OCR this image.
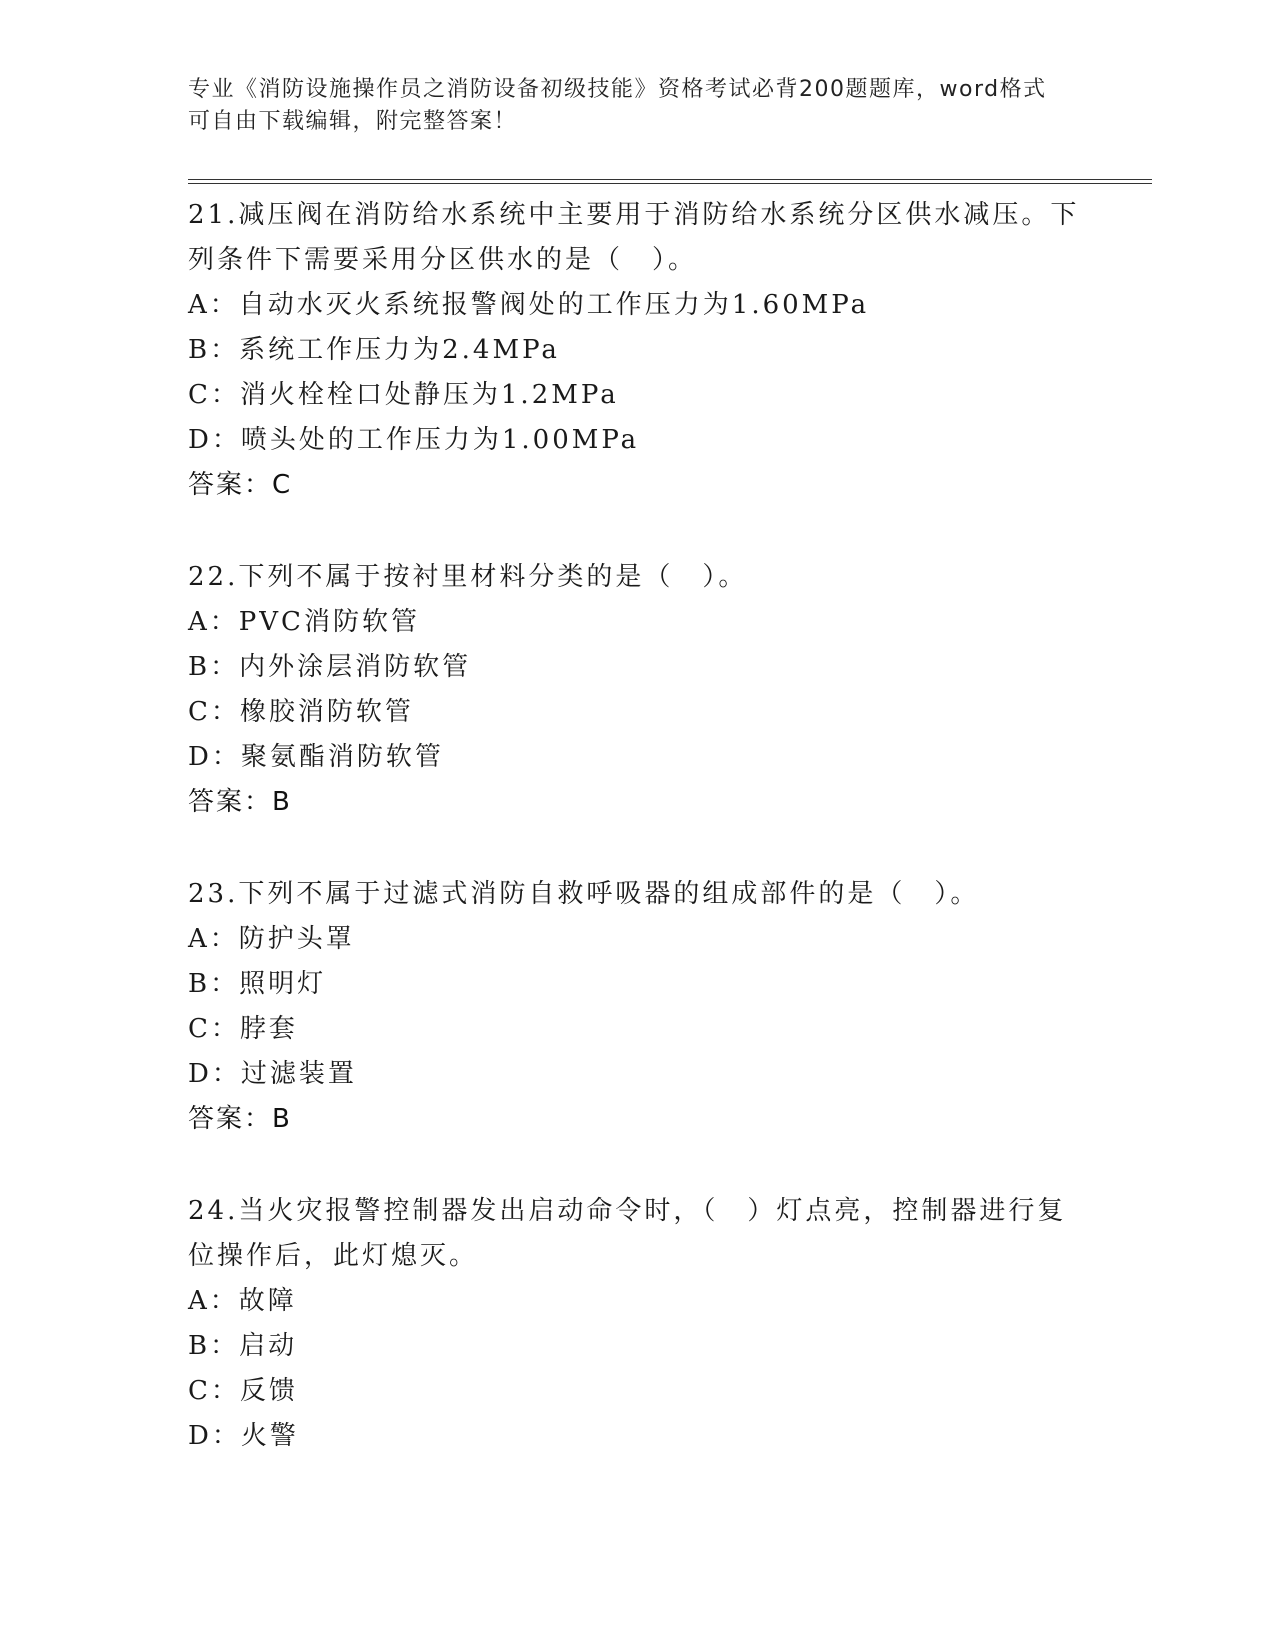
专业《消防设施操作员之消防设备初级技能》资格考试必背200题题库，word格式可自由下载编辑，附完整答案！
21.减压阀在消防给水系统中主要用于消防给水系统分区供水减压。下列条件下需要采用分区供水的是（　）。
A：自动水灭火系统报警阀处的工作压力为1.60MPa
B：系统工作压力为2.4MPa
C：消火栓栓口处静压为1.2MPa
D：喷头处的工作压力为1.00MPa
答案：C
22.下列不属于按衬里材料分类的是（　）。
A：PVC消防软管
B：内外涂层消防软管
C：橡胶消防软管
D：聚氨酯消防软管
答案：B
23.下列不属于过滤式消防自救呼吸器的组成部件的是（　）。
A：防护头罩
B：照明灯
C：脖套
D：过滤装置
答案：B
24.当火灾报警控制器发出启动命令时，（　）灯点亮，控制器进行复位操作后，此灯熄灭。
A：故障
B：启动
C：反馈
D：火警
